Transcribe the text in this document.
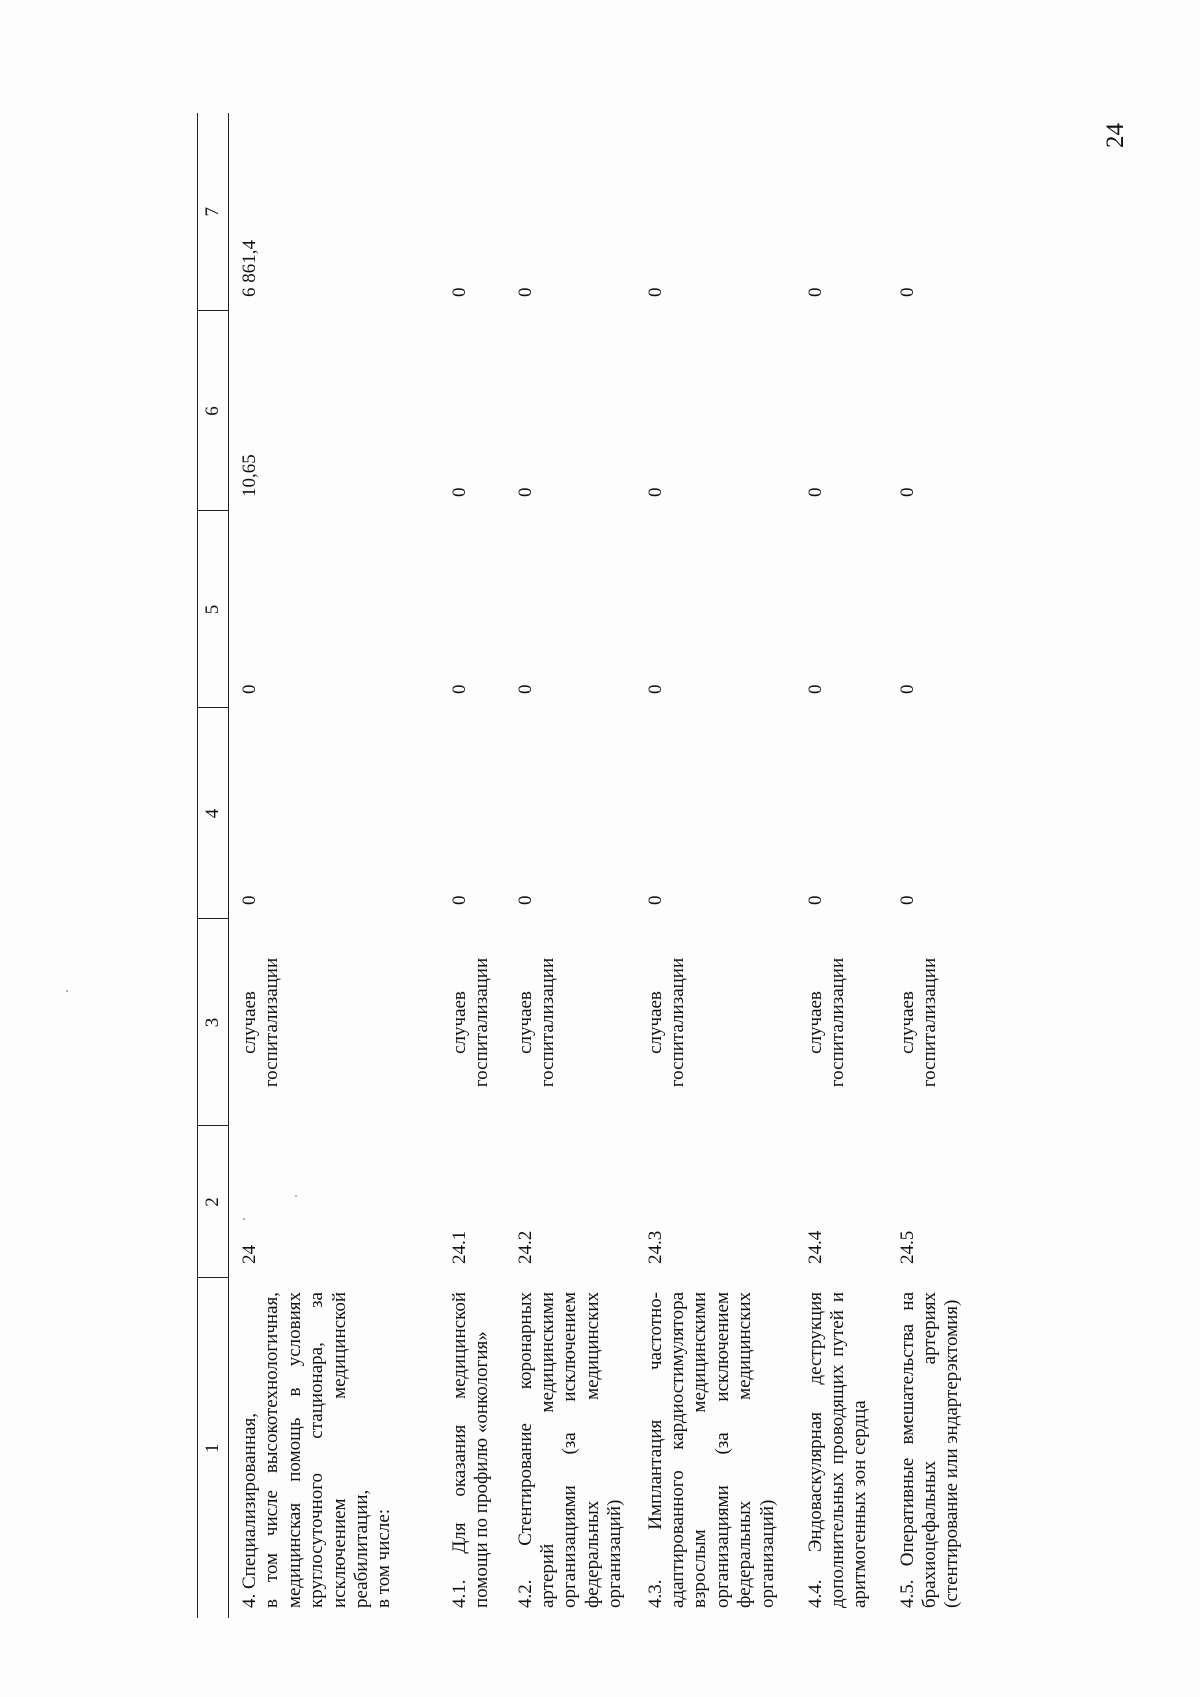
24
1	2	3	4	5	6	7
4. Специализированная,
в том числе высокотехнологичная, медицинская помощь в условиях круглосуточного стационара, за исключением медицинской реабилитации,
в том числе:	24	случаев госпитализации	0	0	10,65	6 861,4
4.1. Для оказания медицинской помощи по профилю «онкология»	24.1	случаев госпитализации	0	0	0	0
4.2. Стентирование коронарных артерий медицинскими организациями (за исключением федеральных медицинских организаций)	24.2	случаев госпитализации	0	0	0	0
4.3. Имплантация частотно-адаптированного кардиостимулятора взрослым медицинскими организациями (за исключением федеральных медицинских организаций)	24.3	случаев госпитализации	0	0	0	0
4.4. Эндоваскулярная деструкция дополнительных проводящих путей и аритмогенных зон сердца	24.4	случаев госпитализации	0	0	0	0
4.5. Оперативные вмешательства на брахиоцефальных артериях (стентирование или эндартерэктомия)	24.5	случаев госпитализации	0	0	0	0
